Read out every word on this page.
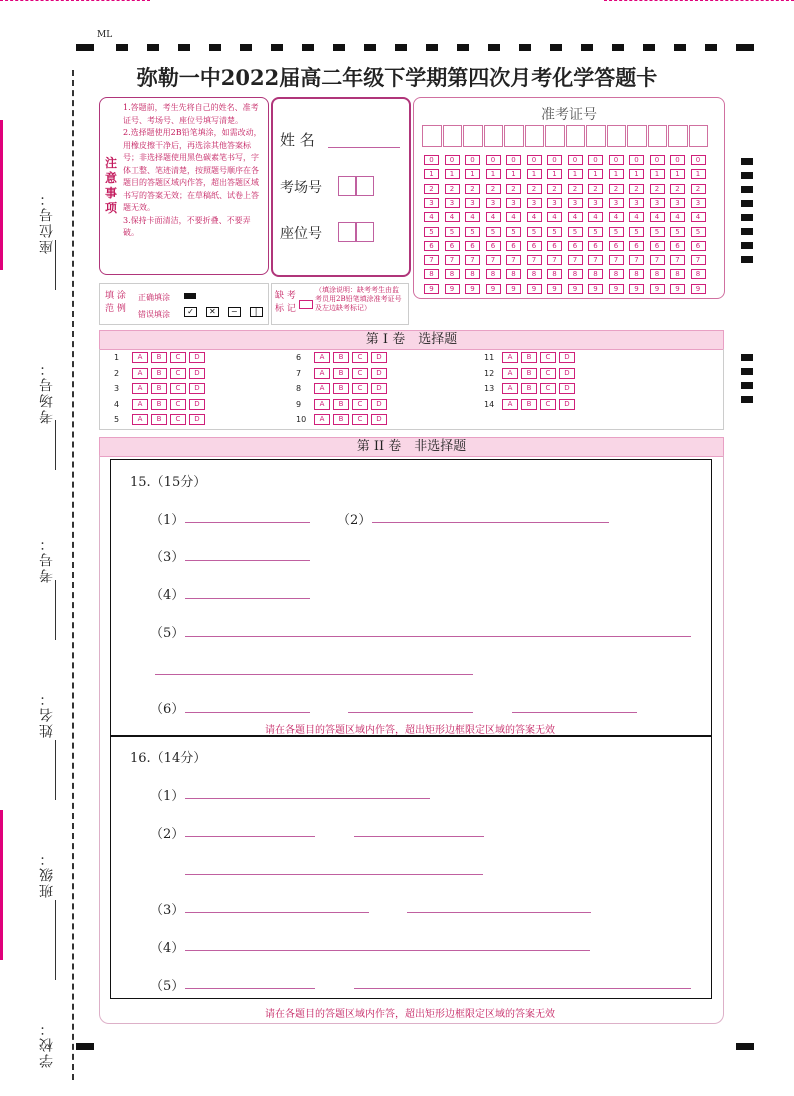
ML
弥勒一中2022届高二年级下学期第四次月考化学答题卡
座位号：
考场号：
考号：
姓名：
班级：
学校：
注
意
事
项
1.答题前，考生先将自己的姓名、准考证号、考场号、座位号填写清楚。
2.选择题使用2B铅笔填涂，如需改动，用橡皮擦干净后，再选涂其他答案标号；非选择题使用黑色碳素笔书写，字体工整、笔迹清楚，按照题号顺序在各题目的答题区域内作答，超出答题区域书写的答案无效；在草稿纸、试卷上答题无效。
3.保持卡面清洁，不要折叠、不要弄破。
姓 名
考场号
座位号
准考证号
0	0	0	0	0	0	0	0	0	0	0	0	0	0
1	1	1	1	1	1	1	1	1	1	1	1	1	1
2	2	2	2	2	2	2	2	2	2	2	2	2	2
3	3	3	3	3	3	3	3	3	3	3	3	3	3
4	4	4	4	4	4	4	4	4	4	4	4	4	4
5	5	5	5	5	5	5	5	5	5	5	5	5	5
6	6	6	6	6	6	6	6	6	6	6	6	6	6
7	7	7	7	7	7	7	7	7	7	7	7	7	7
8	8	8	8	8	8	8	8	8	8	8	8	8	8
9	9	9	9	9	9	9	9	9	9	9	9	9	9
填 涂
范 例
正确填涂
错误填涂	✓ ✕ − |
缺 考
标 记
（填涂说明：缺考考生由监考员用2B铅笔填涂准考证号及左边缺考标记）
第 I 卷　选择题
1	A B C D
2	A B C D
3	A B C D
4	A B C D
5	A B C D
6	A B C D
7	A B C D
8	A B C D
9	A B C D
10 A B C D
11 A B C D
12 A B C D
13 A B C D
14 A B C D
第 II 卷　非选择题
15.（15分）
（1）	（2）
（3）
（4）
（5）
（6）
请在各题目的答题区域内作答，超出矩形边框限定区域的答案无效
16.（14分）
（1）
（2）
（3）
（4）
（5）
请在各题目的答题区域内作答，超出矩形边框限定区域的答案无效
